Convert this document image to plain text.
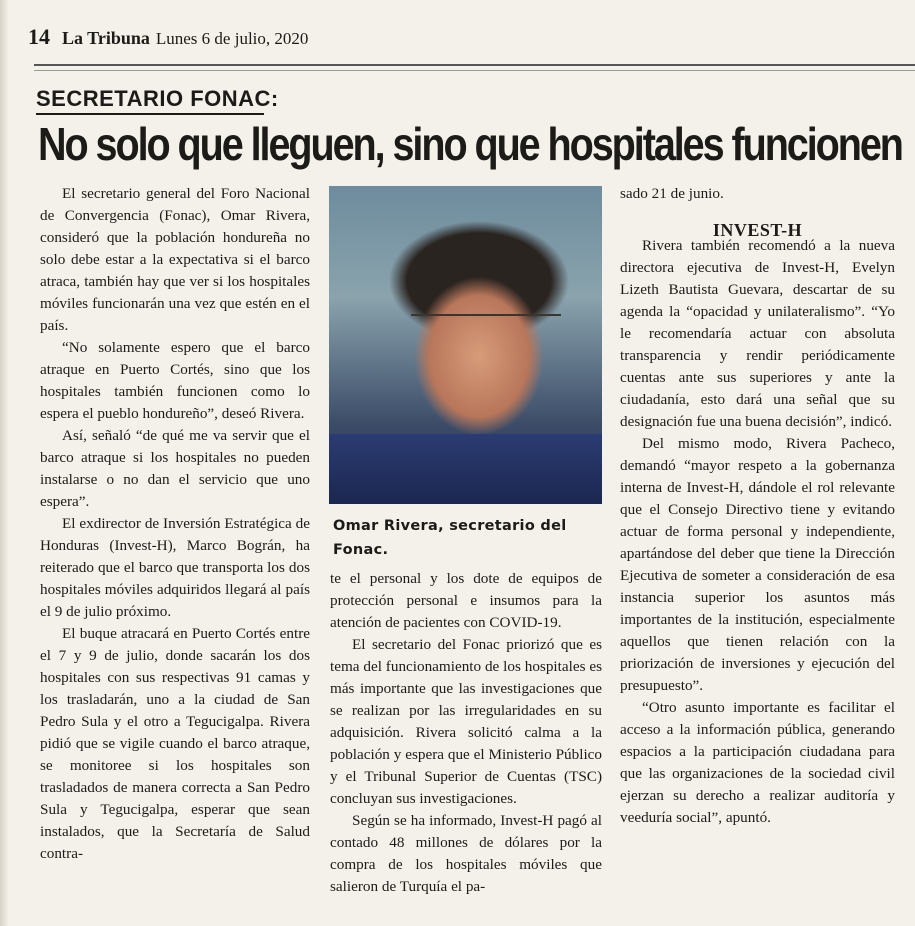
14 La Tribuna Lunes 6 de julio, 2020
SECRETARIO FONAC:
No solo que lleguen, sino que hospitales funcionen

El secretario general del Foro Nacional de Convergencia (Fonac), Omar Rivera, consideró que la población hondureña no solo debe estar a la expectativa si el barco atraca, también hay que ver si los hospitales móviles funcionarán una vez que estén en el país.

“No solamente espero que el barco atraque en Puerto Cortés, sino que los hospitales también funcionen como lo espera el pueblo hondureño”, deseó Rivera.

Así, señaló “de qué me va servir que el barco atraque si los hospitales no pueden instalarse o no dan el servicio que uno espera”.

El exdirector de Inversión Estratégica de Honduras (Invest-H), Marco Bográn, ha reiterado que el barco que transporta los dos hospitales móviles adquiridos llegará al país el 9 de julio próximo.

El buque atracará en Puerto Cortés entre el 7 y 9 de julio, donde sacarán los dos hospitales con sus respectivas 91 camas y los trasladarán, uno a la ciudad de San Pedro Sula y el otro a Tegucigalpa. Rivera pidió que se vigile cuando el barco atraque, se monitoree si los hospitales son trasladados de manera correcta a San Pedro Sula y Tegucigalpa, esperar que sean instalados, que la Secretaría de Salud contra-

Omar Rivera, secretario del Fonac.

te el personal y los dote de equipos de protección personal e insumos para la atención de pacientes con COVID-19.

El secretario del Fonac priorizó que es tema del funcionamiento de los hospitales es más importante que las investigaciones que se realizan por las irregularidades en su adquisición. Rivera solicitó calma a la población y espera que el Ministerio Público y el Tribunal Superior de Cuentas (TSC) concluyan sus investigaciones.

Según se ha informado, Invest-H pagó al contado 48 millones de dólares por la compra de los hospitales móviles que salieron de Turquía el pa-

sado 21 de junio.

Rivera también recomendó a la nueva directora ejecutiva de Invest-H, Evelyn Lizeth Bautista Guevara, descartar de su agenda la “opacidad y unilateralismo”. “Yo le recomendaría actuar con absoluta transparencia y rendir periódicamente cuentas ante sus superiores y ante la ciudadanía, esto dará una señal que su designación fue una buena decisión”, indicó.

Del mismo modo, Rivera Pacheco, demandó “mayor respeto a la gobernanza interna de Invest-H, dándole el rol relevante que el Consejo Directivo tiene y evitando actuar de forma personal y independiente, apartándose del deber que tiene la Dirección Ejecutiva de someter a consideración de esa instancia superior los asuntos más importantes de la institución, especialmente aquellos que tienen relación con la priorización de inversiones y ejecución del presupuesto”.

“Otro asunto importante es facilitar el acceso a la información pública, generando espacios a la participación ciudadana para que las organizaciones de la sociedad civil ejerzan su derecho a realizar auditoría y veeduría social”, apuntó.

INVEST-H
